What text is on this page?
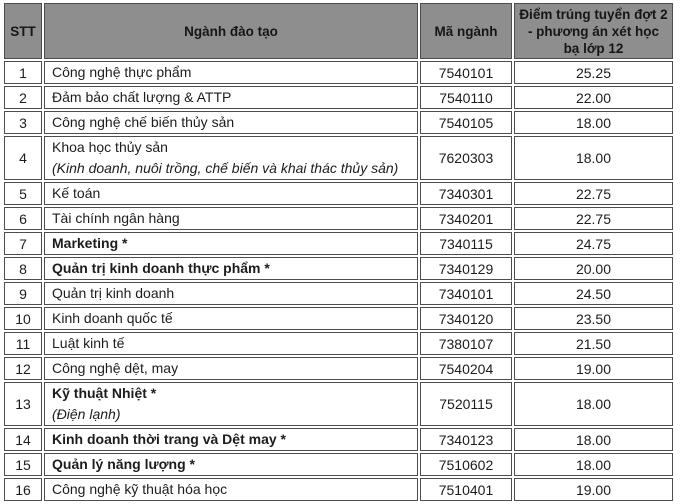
STT	Ngành đào tạo	Mã ngành	Điểm trúng tuyển đợt 2 - phương án xét học bạ lớp 12
1	Công nghệ thực phẩm	7540101	25.25
2	Đảm bảo chất lượng & ATTP	7540110	22.00
3	Công nghệ chế biến thủy sản	7540105	18.00
4	Khoa học thủy sản
(Kinh doanh, nuôi trồng, chế biến và khai thác thủy sản)	7620303	18.00
5	Kế toán	7340301	22.75
6	Tài chính ngân hàng	7340201	22.75
7	Marketing *	7340115	24.75
8	Quản trị kinh doanh thực phẩm *	7340129	20.00
9	Quản trị kinh doanh	7340101	24.50
10	Kinh doanh quốc tế	7340120	23.50
11	Luật kinh tế	7380107	21.50
12	Công nghệ dệt, may	7540204	19.00
13	Kỹ thuật Nhiệt *
(Điện lạnh)	7520115	18.00
14	Kinh doanh thời trang và Dệt may *	7340123	18.00
15	Quản lý năng lượng *	7510602	18.00
16	Công nghệ kỹ thuật hóa học	7510401	19.00
